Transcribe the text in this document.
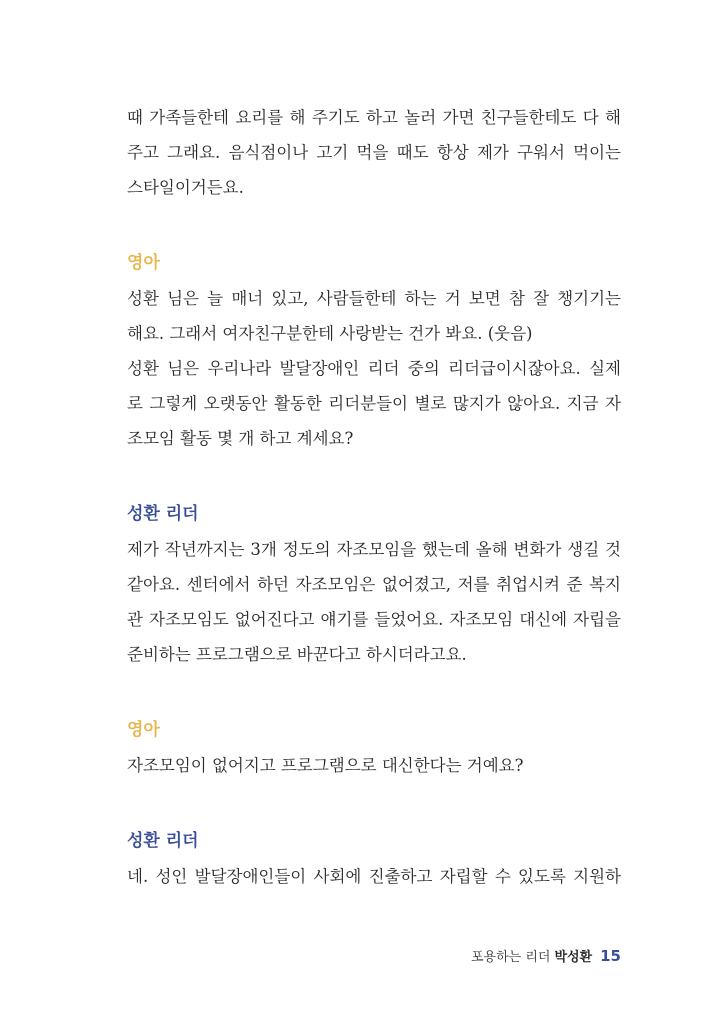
때 가족들한테 요리를 해 주기도 하고 놀러 가면 친구들한테도 다 해
주고 그래요. 음식점이나 고기 먹을 때도 항상 제가 구워서 먹이는
스타일이거든요.

영아

성환 님은 늘 매너 있고, 사람들한테 하는 거 보면 참 잘 챙기기는
해요. 그래서 여자친구분한테 사랑받는 건가 봐요. (웃음)
성환 님은 우리나라 발달장애인 리더 중의 리더급이시잖아요. 실제
로 그렇게 오랫동안 활동한 리더분들이 별로 많지가 않아요. 지금 자
조모임 활동 몇 개 하고 계세요?

성환 리더

제가 작년까지는 3개 정도의 자조모임을 했는데 올해 변화가 생길 것
같아요. 센터에서 하던 자조모임은 없어졌고, 저를 취업시켜 준 복지
관 자조모임도 없어진다고 얘기를 들었어요. 자조모임 대신에 자립을
준비하는 프로그램으로 바꾼다고 하시더라고요.

영아

자조모임이 없어지고 프로그램으로 대신한다는 거예요?

성환 리더

네. 성인 발달장애인들이 사회에 진출하고 자립할 수 있도록 지원하

포용하는 리더 박성환 15
